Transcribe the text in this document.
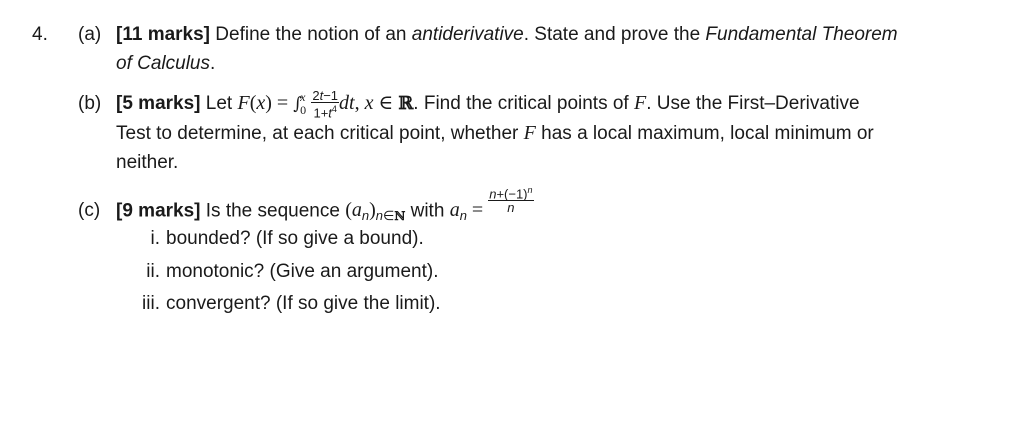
4. (a) [11 marks] Define the notion of an antiderivative. State and prove the Fundamental Theorem
of Calculus.
(b) [5 marks] Let F(x) = ∫
x
0
$\frac{2t-1}{1+t^4}$ dt, x ∈ ℝ. Find the critical points of F. Use the First–Derivative
Test to determine, at each critical point, whether F has a local maximum, local minimum or
neither.
(c) [9 marks] Is the sequence $(a_n)_{n\in ℕ}$ with $a_n = \frac{n+(-1)^n}{n}$
i. bounded? (If so give a bound).
ii. monotonic? (Give an argument).
iii. convergent? (If so give the limit).
